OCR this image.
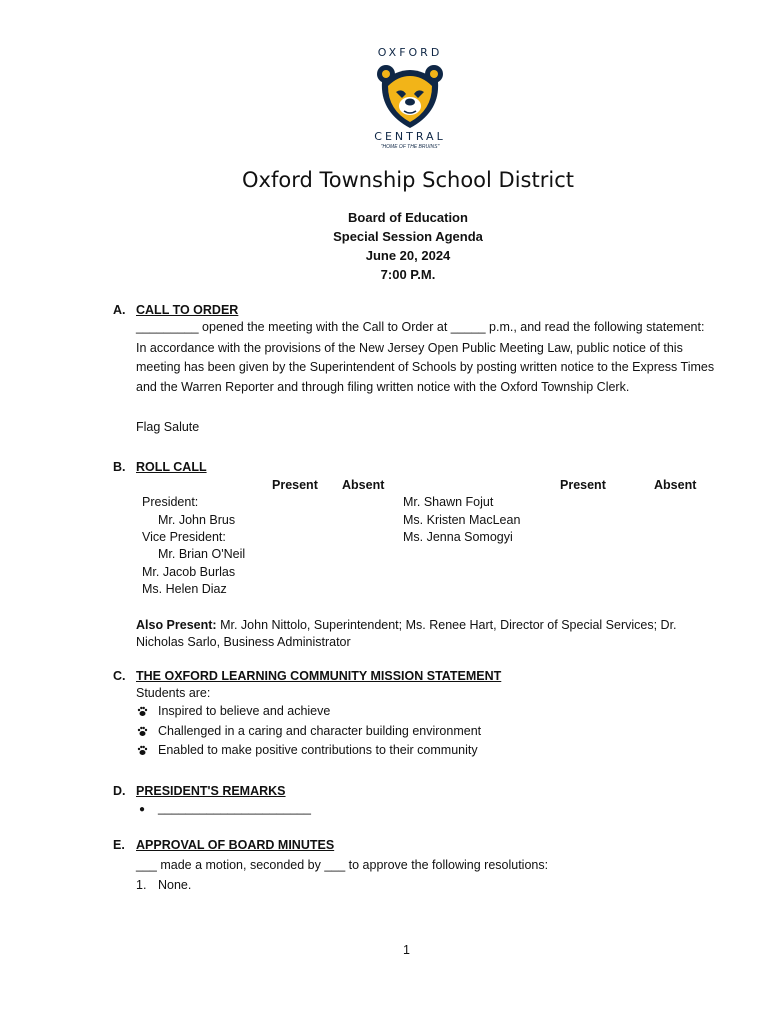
OXFORD
CENTRAL
"HOME OF THE BRUINS"
Oxford Township School District
Board of Education
Special Session Agenda
June 20, 2024
7:00 P.M.
A. CALL TO ORDER
_________ opened the meeting with the Call to Order at _____ p.m., and read the following statement:
In accordance with the provisions of the New Jersey Open Public Meeting Law, public notice of this
meeting has been given by the Superintendent of Schools by posting written notice to the Express Times
and the Warren Reporter and through filing written notice with the Oxford Township Clerk.
Flag Salute
B. ROLL CALL
Present Absent	Present	Absent
President:
Mr. John Brus
Vice President:
Mr. Brian O'Neil
Mr. Jacob Burlas
Ms. Helen Diaz
Mr. Shawn Fojut
Ms. Kristen MacLean
Ms. Jenna Somogyi
Also Present: Mr. John Nittolo, Superintendent; Ms. Renee Hart, Director of Special Services; Dr.
Nicholas Sarlo, Business Administrator
C. THE OXFORD LEARNING COMMUNITY MISSION STATEMENT
Students are:
Inspired to believe and achieve
Challenged in a caring and character building environment
Enabled to make positive contributions to their community
D. PRESIDENT'S REMARKS
● ______________________
E. APPROVAL OF BOARD MINUTES
___ made a motion, seconded by ___ to approve the following resolutions:
1. None.
1
